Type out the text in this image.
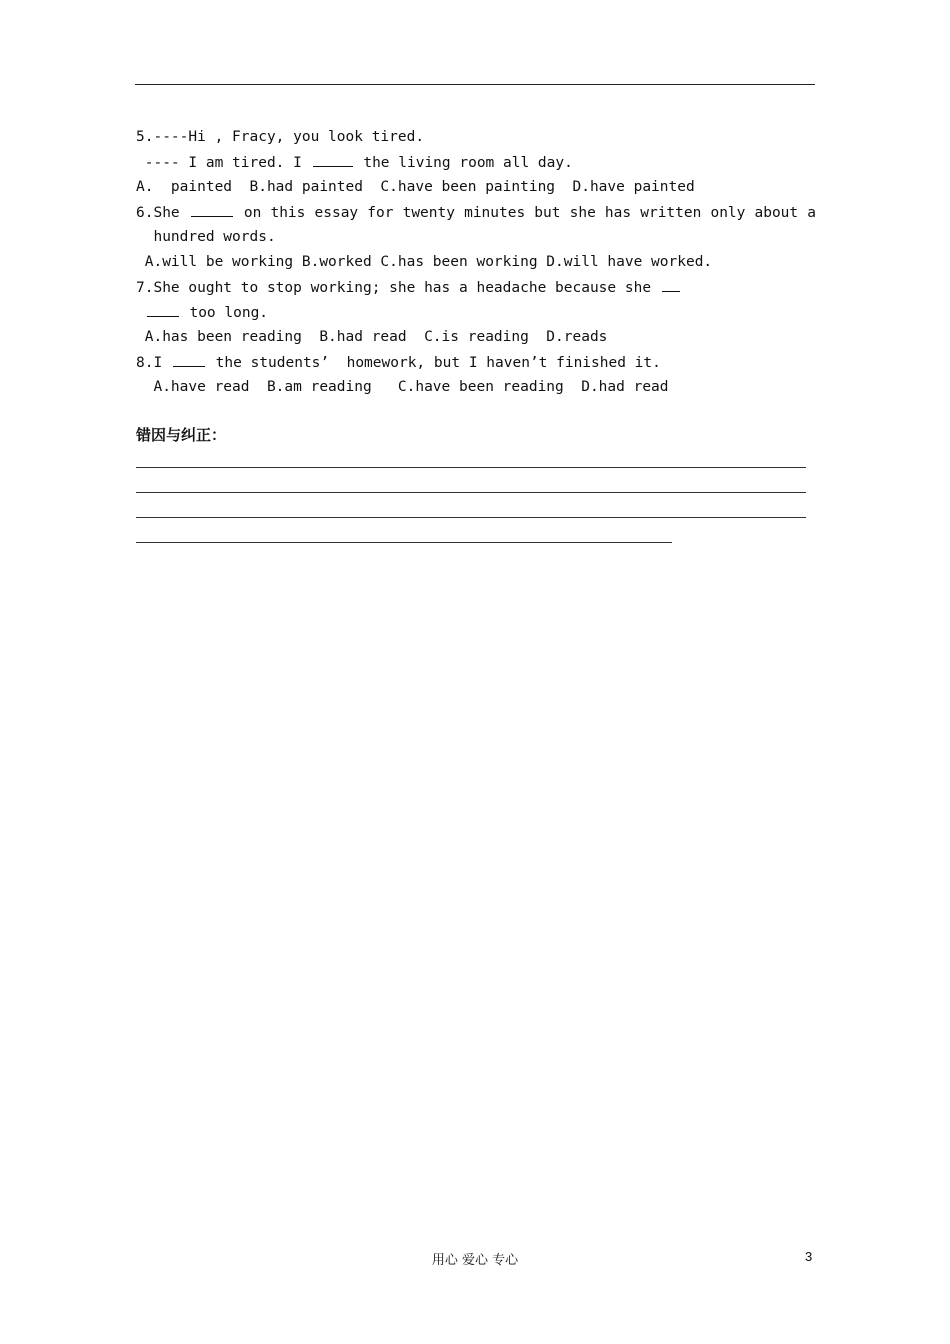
5.----Hi , Fracy, you look tired.
---- I am tired. I	the living room all day.
A.  painted  B.had painted  C.have been painting  D.have painted
6.She	on this essay for twenty minutes but she has written only about a
hundred words.
A.will be working B.worked C.has been working D.will have worked.
7.She ought to stop working; she has a headache because she
too long.
A.has been reading  B.had read  C.is reading  D.reads
8.I  the students’  homework, but I haven’t finished it.
A.have read  B.am reading   C.have been reading  D.had read
错因与纠正：
用心 爱心 专心	3
